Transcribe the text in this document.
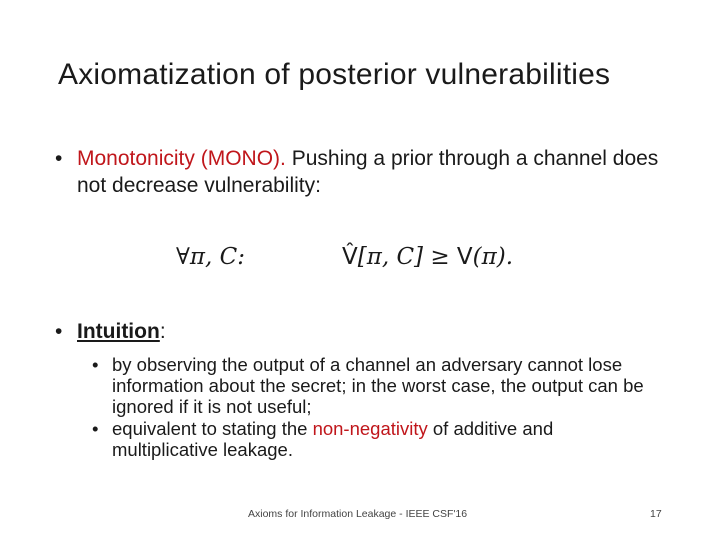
Axiomatization of posterior vulnerabilities
• Monotonicity (MONO). Pushing a prior through a channel does not decrease vulnerability:
∀π, C:	V̂[π, C] ≥ V(π).
• Intuition:
• by observing the output of a channel an adversary cannot lose information about the secret; in the worst case, the output can be ignored if it is not useful;
• equivalent to stating the non-negativity of additive and multiplicative leakage.
Axioms for Information Leakage - IEEE CSF'16	17
